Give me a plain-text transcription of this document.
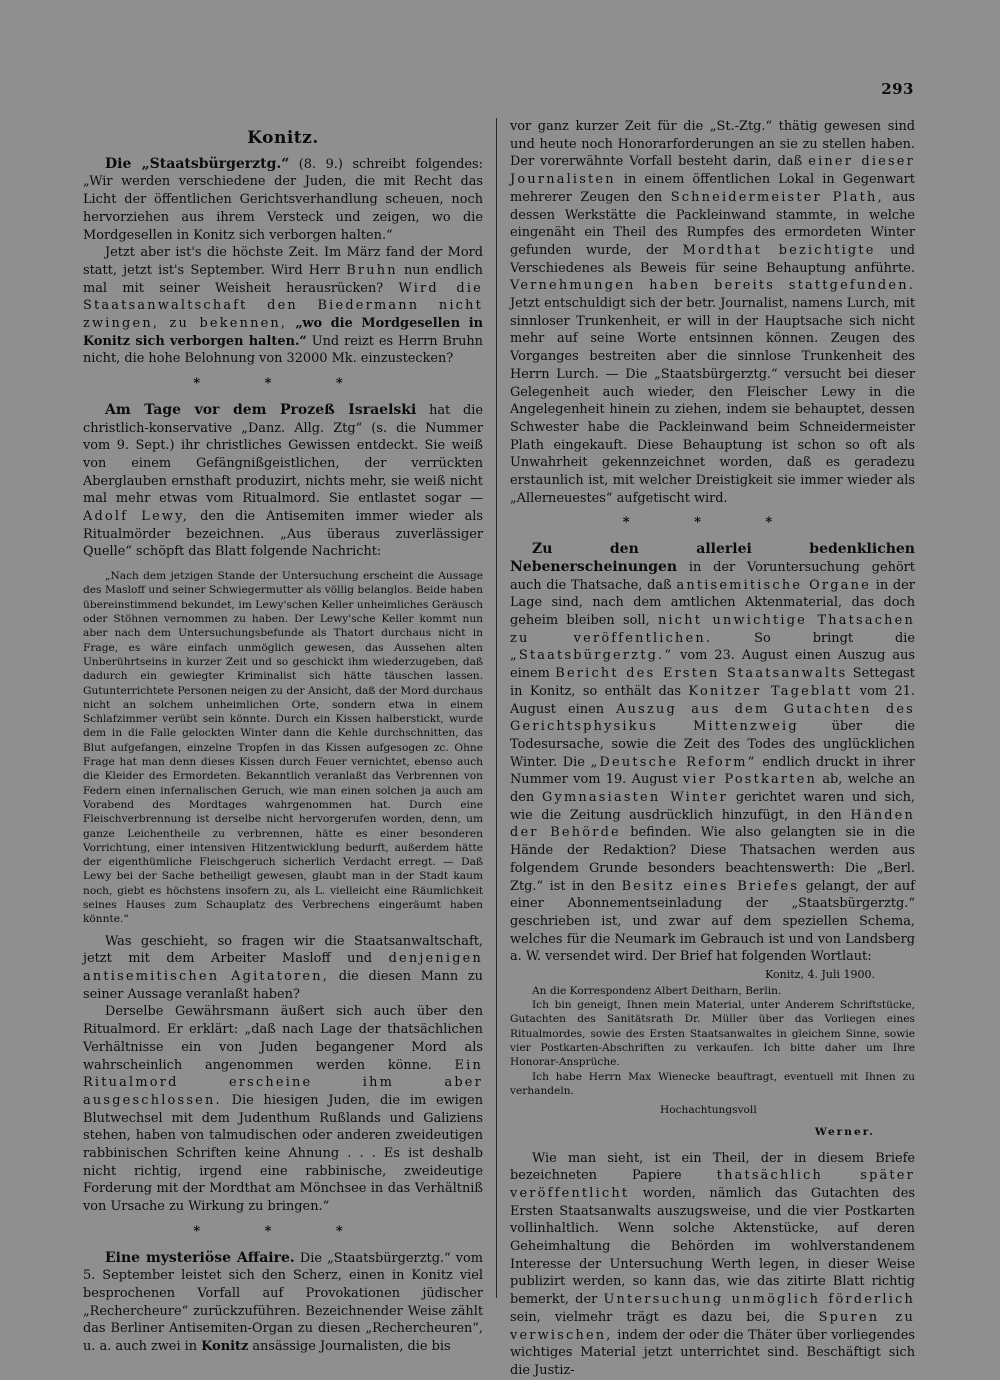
293
Konitz.

Die „Staatsbürgerztg.“ (8. 9.) schreibt folgendes: „Wir werden verschiedene der Juden, die mit Recht das Licht der öffentlichen Gerichtsverhandlung scheuen, noch hervorziehen aus ihrem Versteck und zeigen, wo die Mordgesellen in Konitz sich verborgen halten.“

Jetzt aber ist's die höchste Zeit. Im März fand der Mord statt, jetzt ist's September. Wird Herr Bruhn nun endlich mal mit seiner Weisheit herausrücken? Wird die Staatsanwaltschaft den Biedermann nicht zwingen, zu bekennen, „wo die Mordgesellen in Konitz sich verborgen halten.“ Und reizt es Herrn Bruhn nicht, die hohe Belohnung von 32000 Mk. einzustecken?

* * *

Am Tage vor dem Prozeß Israelski hat die christlich-konservative „Danz. Allg. Ztg“ (s. die Nummer vom 9. Sept.) ihr christliches Gewissen entdeckt. Sie weiß von einem Gefängnißgeistlichen, der verrückten Aberglauben ernsthaft produzirt, nichts mehr, sie weiß nicht mal mehr etwas vom Ritualmord. Sie entlastet sogar — Adolf Lewy, den die Antisemiten immer wieder als Ritualmörder bezeichnen. „Aus überaus zuverlässiger Quelle“ schöpft das Blatt folgende Nachricht:

„Nach dem jetzigen Stande der Untersuchung erscheint die Aussage des Masloff und seiner Schwiegermutter als völlig belanglos. Beide haben übereinstimmend bekundet, im Lewy'schen Keller unheimliches Geräusch oder Stöhnen vernommen zu haben. Der Lewy'sche Keller kommt nun aber nach dem Untersuchungsbefunde als Thatort durchaus nicht in Frage, es wäre einfach unmöglich gewesen, das Aussehen alten Unberührtseins in kurzer Zeit und so geschickt ihm wiederzugeben, daß dadurch ein gewiegter Kriminalist sich hätte täuschen lassen. Gutunterrichtete Personen neigen zu der Ansicht, daß der Mord durchaus nicht an solchem unheimlichen Orte, sondern etwa in einem Schlafzimmer verübt sein könnte. Durch ein Kissen halberstickt, wurde dem in die Falle gelockten Winter dann die Kehle durchschnitten, das Blut aufgefangen, einzelne Tropfen in das Kissen aufgesogen zc. Ohne Frage hat man denn dieses Kissen durch Feuer vernichtet, ebenso auch die Kleider des Ermordeten. Bekanntlich veranlaßt das Verbrennen von Federn einen infernalischen Geruch, wie man einen solchen ja auch am Vorabend des Mordtages wahrgenommen hat. Durch eine Fleischverbrennung ist derselbe nicht hervorgerufen worden, denn, um ganze Leichentheile zu verbrennen, hätte es einer besonderen Vorrichtung, einer intensiven Hitzentwicklung bedurft, außerdem hätte der eigenthümliche Fleischgeruch sicherlich Verdacht erregt. — Daß Lewy bei der Sache betheiligt gewesen, glaubt man in der Stadt kaum noch, giebt es höchstens insofern zu, als L. vielleicht eine Räumlichkeit seines Hauses zum Schauplatz des Verbrechens eingeräumt haben könnte.“

Was geschieht, so fragen wir die Staatsanwaltschaft, jetzt mit dem Arbeiter Masloff und denjenigen antisemitischen Agitatoren, die diesen Mann zu seiner Aussage veranlaßt haben?

Derselbe Gewährsmann äußert sich auch über den Ritualmord. Er erklärt: „daß nach Lage der thatsächlichen Verhältnisse ein von Juden begangener Mord als wahrscheinlich angenommen werden könne. Ein Ritualmord erscheine ihm aber ausgeschlossen. Die hiesigen Juden, die im ewigen Blutwechsel mit dem Judenthum Rußlands und Galiziens stehen, haben von talmudischen oder anderen zweideutigen rabbinischen Schriften keine Ahnung . . . Es ist deshalb nicht richtig, irgend eine rabbinische, zweideutige Forderung mit der Mordthat am Mönchsee in das Verhältniß von Ursache zu Wirkung zu bringen.“

* * *

Eine mysteriöse Affaire. Die „Staatsbürgerztg.“ vom 5. September leistet sich den Scherz, einen in Konitz viel besprochenen Vorfall auf Provokationen jüdischer „Rechercheure“ zurückzuführen. Bezeichnender Weise zählt das Berliner Antisemiten-Organ zu diesen „Rechercheuren“, u. a. auch zwei in Konitz ansässige Journalisten, die bis

vor ganz kurzer Zeit für die „St.-Ztg.“ thätig gewesen sind und heute noch Honorarforderungen an sie zu stellen haben. Der vorerwähnte Vorfall besteht darin, daß einer dieser Journalisten in einem öffentlichen Lokal in Gegenwart mehrerer Zeugen den Schneidermeister Plath, aus dessen Werkstätte die Packleinwand stammte, in welche eingenäht ein Theil des Rumpfes des ermordeten Winter gefunden wurde, der Mordthat bezichtigte und Verschiedenes als Beweis für seine Behauptung anführte. Vernehmungen haben bereits stattgefunden. Jetzt entschuldigt sich der betr. Journalist, namens Lurch, mit sinnloser Trunkenheit, er will in der Hauptsache sich nicht mehr auf seine Worte entsinnen können. Zeugen des Vorganges bestreiten aber die sinnlose Trunkenheit des Herrn Lurch. — Die „Staatsbürgerztg.“ versucht bei dieser Gelegenheit auch wieder, den Fleischer Lewy in die Angelegenheit hinein zu ziehen, indem sie behauptet, dessen Schwester habe die Packleinwand beim Schneidermeister Plath eingekauft. Diese Behauptung ist schon so oft als Unwahrheit gekennzeichnet worden, daß es geradezu erstaunlich ist, mit welcher Dreistigkeit sie immer wieder als „Allerneuestes“ aufgetischt wird.

* * *

Zu den allerlei bedenklichen Nebenerscheinungen in der Voruntersuchung gehört auch die Thatsache, daß antisemitische Organe in der Lage sind, nach dem amtlichen Aktenmaterial, das doch geheim bleiben soll, nicht unwichtige Thatsachen zu veröffentlichen.	So bringt die „Staatsbürgerztg.“ vom 23. August einen Auszug aus einem Bericht des Ersten Staatsanwalts Settegast in Konitz, so enthält das Konitzer Tageblatt vom 21. August einen Auszug aus dem Gutachten des Gerichtsphysikus Mittenzweig	über die Todesursache, sowie die Zeit des Todes des unglücklichen Winter. Die „Deutsche Reform“ endlich druckt in ihrer Nummer vom 19. August vier Postkarten ab, welche an den Gymnasiasten Winter gerichtet waren und sich, wie die Zeitung ausdrücklich hinzufügt, in den Händen der Behörde befinden. Wie also gelangten sie in die Hände der Redaktion? Diese Thatsachen werden aus folgendem Grunde besonders beachtenswerth: Die „Berl. Ztg.“ ist in den Besitz eines Briefes gelangt, der auf einer Abonnementseinladung der „Staatsbürgerztg.“ geschrieben ist, und zwar auf dem speziellen Schema, welches für die Neumark im Gebrauch ist und von Landsberg a. W. versendet wird. Der Brief hat folgenden Wortlaut:

Konitz, 4. Juli 1900.

An die Korrespondenz Albert Deitharn, Berlin.

Ich bin geneigt, Ihnen mein Material, unter Anderem Schriftstücke, Gutachten des Sanitätsrath Dr. Müller über das Vorliegen eines Ritualmordes, sowie des Ersten Staatsanwaltes in gleichem Sinne, sowie vier Postkarten-Abschriften zu verkaufen. Ich bitte daher um Ihre Honorar-Ansprüche.

Ich habe Herrn Max Wienecke beauftragt, eventuell mit Ihnen zu verhandeln.

Hochachtungsvoll
Werner.

Wie man sieht, ist ein Theil, der in diesem Briefe bezeichneten Papiere	thatsächlich später veröffentlicht worden, nämlich das Gutachten des Ersten Staatsanwalts auszugsweise, und die vier Postkarten vollinhaltlich. Wenn solche Aktenstücke, auf deren Geheimhaltung die Behörden im wohlverstandenem Interesse der Untersuchung Werth legen, in dieser Weise publizirt werden, so kann das, wie das zitirte Blatt richtig bemerkt, der Untersuchung unmöglich förderlich sein, vielmehr trägt es dazu bei, die Spuren zu verwischen, indem der oder die Thäter über vorliegendes wichtiges Material jetzt unterrichtet sind. Beschäftigt sich die Justiz-
